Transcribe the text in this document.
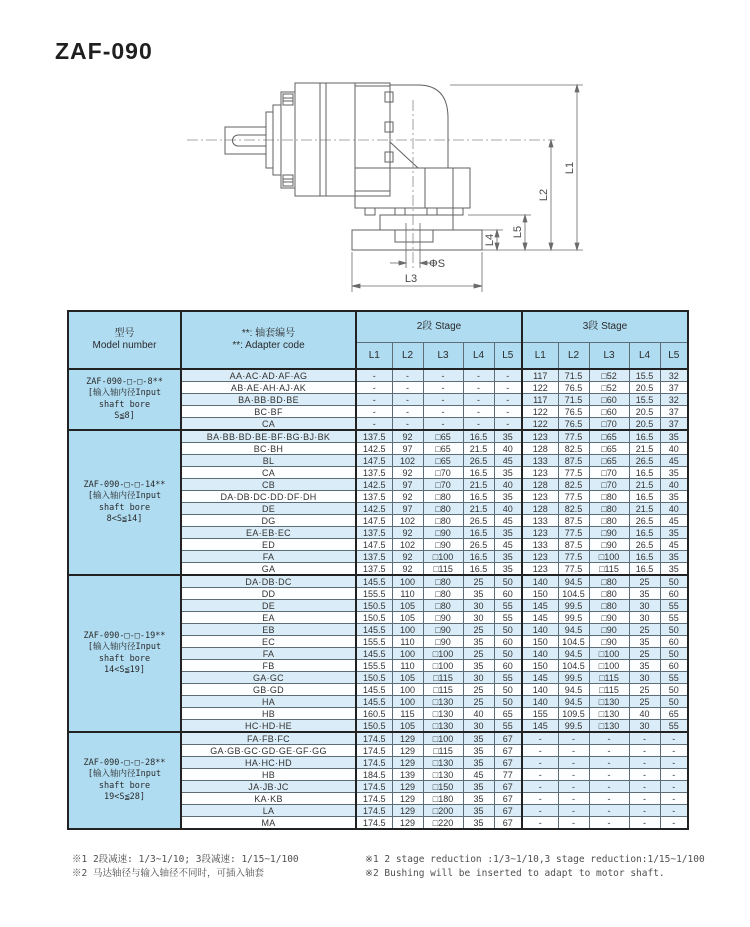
ZAF-090
ΦS
L3
L4
L5
L2
L1
型号
Model number

**: 轴套编号
**: Adapter code
	2段 Stage	3段 Stage
		L1	L2	L3	L4	L5	L1	L2	L3	L4	L5

ZAF-090-□-□-8**
[输入轴内径Input
shaft bore
S≦8]	AA·AC·AD·AF·AG	-	-	-	-	-	117	71.5	□52	15.5	32
	AB·AE·AH·AJ·AK	-	-	-	-	-	122	76.5	□52	20.5	37
	BA·BB·BD·BE	-	-	-	-	-	117	71.5	□60	15.5	32
	BC·BF	-	-	-	-	-	122	76.5	□60	20.5	37
	CA	-	-	-	-	-	122	76.5	□70	20.5	37

ZAF-090-□-□-14**
[输入轴内径Input
shaft bore
8<S≦14]	BA·BB·BD·BE·BF·BG·BJ·BK	137.5	92	□65	16.5	35	123	77.5	□65	16.5	35
	BC·BH	142.5	97	□65	21.5	40	128	82.5	□65	21.5	40
	BL	147.5	102	□65	26.5	45	133	87.5	□65	26.5	45
	CA	137.5	92	□70	16.5	35	123	77.5	□70	16.5	35
	CB	142.5	97	□70	21.5	40	128	82.5	□70	21.5	40
	DA·DB·DC·DD·DF·DH	137.5	92	□80	16.5	35	123	77.5	□80	16.5	35
	DE	142.5	97	□80	21.5	40	128	82.5	□80	21.5	40
	DG	147.5	102	□80	26.5	45	133	87.5	□80	26.5	45
	EA·EB·EC	137.5	92	□90	16.5	35	123	77.5	□90	16.5	35
	ED	147.5	102	□90	26.5	45	133	87.5	□90	26.5	45
	FA	137.5	92	□100	16.5	35	123	77.5	□100	16.5	35
	GA	137.5	92	□115	16.5	35	123	77.5	□115	16.5	35

ZAF-090-□-□-19**
[输入轴内径Input
shaft bore
14<S≦19]	DA·DB·DC	145.5	100	□80	25	50	140	94.5	□80	25	50
	DD	155.5	110	□80	35	60	150	104.5	□80	35	60
	DE	150.5	105	□80	30	55	145	99.5	□80	30	55
	EA	150.5	105	□90	30	55	145	99.5	□90	30	55
	EB	145.5	100	□90	25	50	140	94.5	□90	25	50
	EC	155.5	110	□90	35	60	150	104.5	□90	35	60
	FA	145.5	100	□100	25	50	140	94.5	□100	25	50
	FB	155.5	110	□100	35	60	150	104.5	□100	35	60
	GA·GC	150.5	105	□115	30	55	145	99.5	□115	30	55
	GB·GD	145.5	100	□115	25	50	140	94.5	□115	25	50
	HA	145.5	100	□130	25	50	140	94.5	□130	25	50
	HB	160.5	115	□130	40	65	155	109.5	□130	40	65
	HC·HD·HE	150.5	105	□130	30	55	145	99.5	□130	30	55

ZAF-090-□-□-28**
[输入轴内径Input
shaft bore
19<S≦28]	FA·FB·FC	174.5	129	□100	35	67	-	-	-	-	-
	GA·GB·GC·GD·GE·GF·GG	174.5	129	□115	35	67	-	-	-	-	-
	HA·HC·HD	174.5	129	□130	35	67	-	-	-	-	-
	HB	184.5	139	□130	45	77	-	-	-	-	-
	JA·JB·JC	174.5	129	□150	35	67	-	-	-	-	-
	KA·KB	174.5	129	□180	35	67	-	-	-	-	-
	LA	174.5	129	□200	35	67	-	-	-	-	-
	MA	174.5	129	□220	35	67	-	-	-	-	-
※1 2段减速: 1/3~1/10; 3段减速: 1/15~1/100
※2 马达轴径与输入轴径不同时，可插入轴套
※1 2 stage reduction :1/3~1/10,3 stage reduction:1/15~1/100
※2 Bushing will be inserted to adapt to motor shaft.
